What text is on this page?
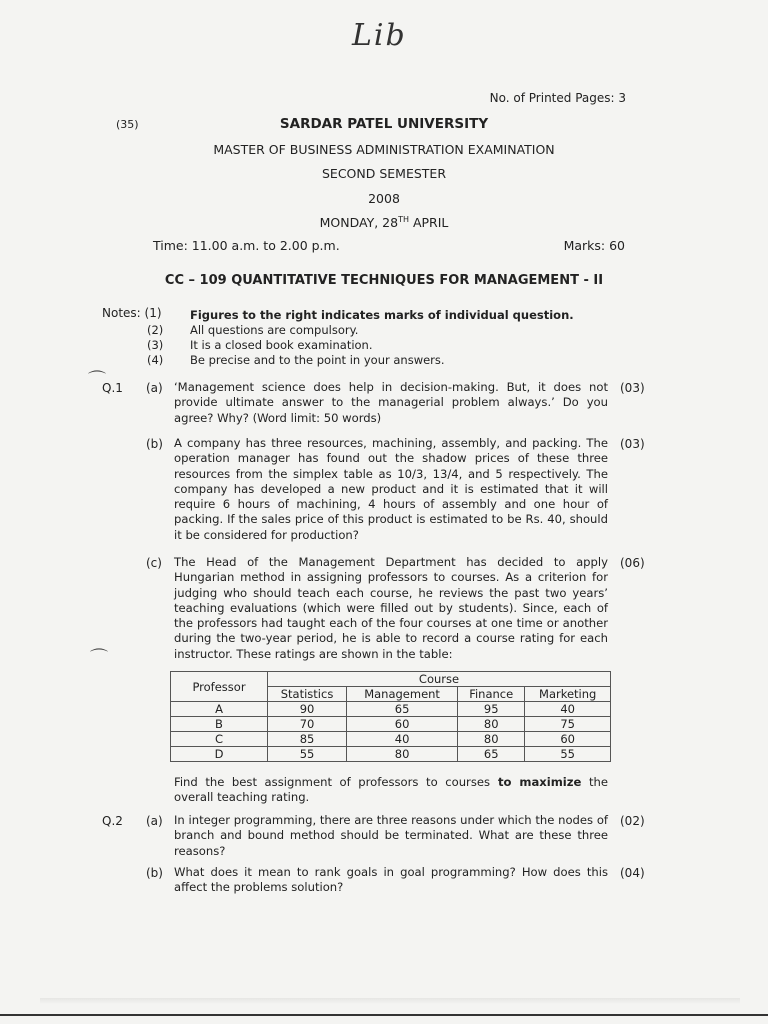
Lib
No. of Printed Pages: 3
(35)	SARDAR PATEL UNIVERSITY
MASTER OF BUSINESS ADMINISTRATION EXAMINATION
SECOND SEMESTER
2008
MONDAY, 28TH APRIL
Time: 11.00 a.m. to 2.00 p.m.	Marks: 60
CC – 109 QUANTITATIVE TECHNIQUES FOR MANAGEMENT - II
Notes: (1) Figures to the right indicates marks of individual question.
(2) All questions are compulsory.
(3) It is a closed book examination.
(4) Be precise and to the point in your answers.
⌒
Q.1 (a) ‘Management science does help in decision-making. But, it does not provide ultimate answer to the managerial problem always.’ Do you agree? Why? (Word limit: 50 words)
(03)
(b) A company has three resources, machining, assembly, and packing. The operation manager has found out the shadow prices of these three resources from the simplex table as 10/3, 13/4, and 5 respectively. The company has developed a new product and it is estimated that it will require 6 hours of machining, 4 hours of assembly and one hour of packing. If the sales price of this product is estimated to be Rs. 40, should it be considered for production?
(03)
(c) The Head of the Management Department has decided to apply Hungarian method in assigning professors to courses. As a criterion for judging who should teach each course, he reviews the past two years’ teaching evaluations (which were filled out by students). Since, each of the professors had taught each of the four courses at one time or another during the two-year period, he is able to record a course rating for each instructor. These ratings are shown in the table:
(06)
⌒
Professor	Course			
	Statistics	Management	Finance	Marketing
A	90	65	95	40
B	70	60	80	75
C	85	40	80	60
D	55	80	65	55
Find the best assignment of professors to courses to maximize the overall teaching rating.
Q.2 (a) In integer programming, there are three reasons under which the nodes of branch and bound method should be terminated. What are these three reasons?
(02)
(b) What does it mean to rank goals in goal programming? How does this affect the problems solution?
(04)
